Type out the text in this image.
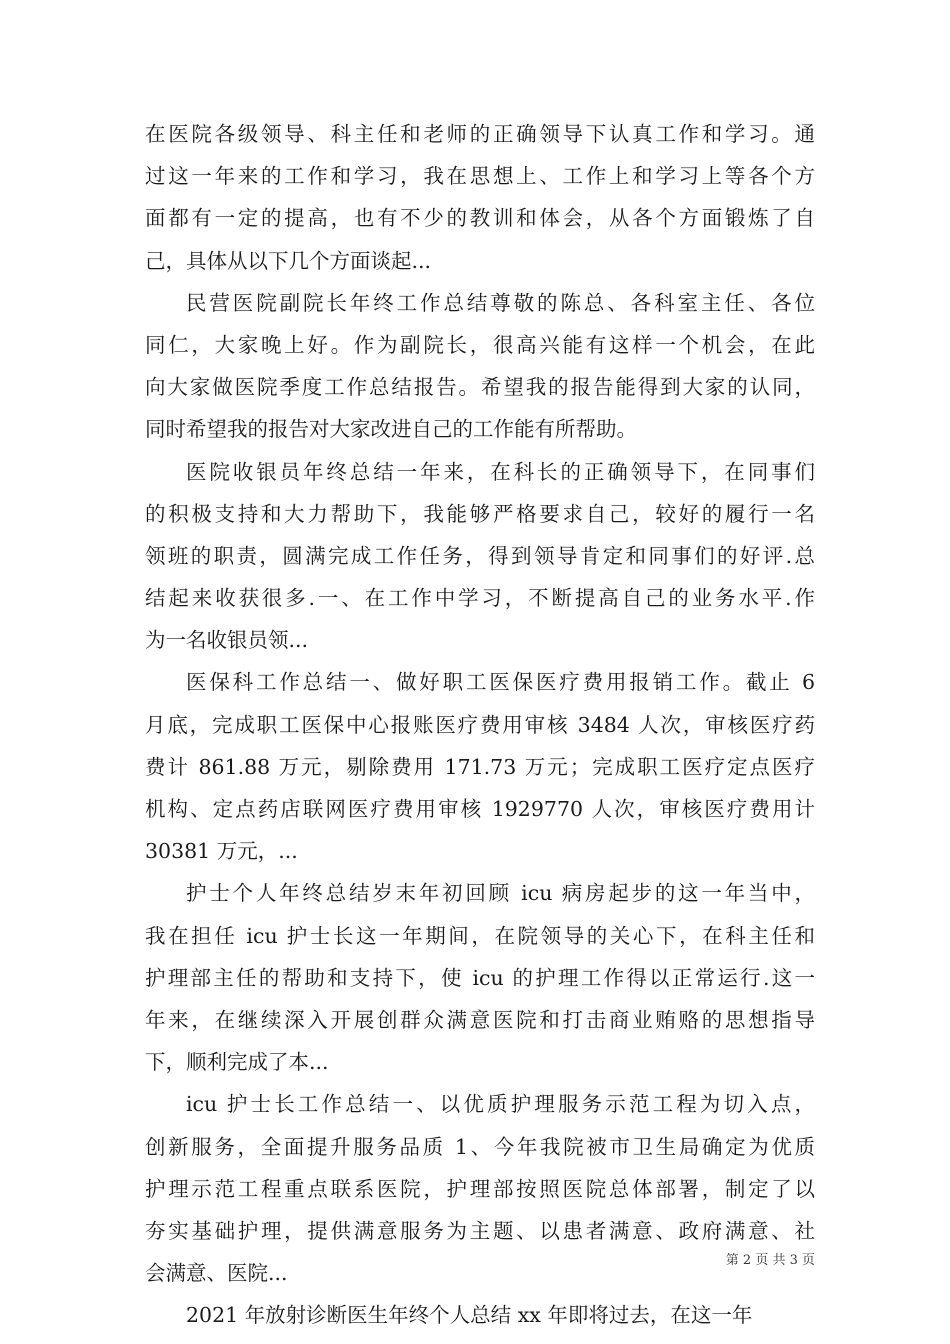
在医院各级领导、科主任和老师的正确领导下认真工作和学习。通
过这一年来的工作和学习，我在思想上、工作上和学习上等各个方
面都有一定的提高，也有不少的教训和体会，从各个方面锻炼了自
己，具体从以下几个方面谈起...
民营医院副院长年终工作总结尊敬的陈总、各科室主任、各位
同仁，大家晚上好。作为副院长，很高兴能有这样一个机会，在此
向大家做医院季度工作总结报告。希望我的报告能得到大家的认同，
同时希望我的报告对大家改进自己的工作能有所帮助。
医院收银员年终总结一年来，在科长的正确领导下，在同事们
的积极支持和大力帮助下，我能够严格要求自己，较好的履行一名
领班的职责，圆满完成工作任务，得到领导肯定和同事们的好评.总
结起来收获很多.一、在工作中学习，不断提高自己的业务水平.作
为一名收银员领...
医保科工作总结一、做好职工医保医疗费用报销工作。截止 6
月底，完成职工医保中心报账医疗费用审核 3484 人次，审核医疗药
费计 861.88 万元，剔除费用 171.73 万元；完成职工医疗定点医疗
机构、定点药店联网医疗费用审核 1929770 人次，审核医疗费用计
30381 万元，...
护士个人年终总结岁末年初回顾 icu 病房起步的这一年当中，
我在担任 icu 护士长这一年期间，在院领导的关心下，在科主任和
护理部主任的帮助和支持下，使 icu 的护理工作得以正常运行.这一
年来，在继续深入开展创群众满意医院和打击商业贿赂的思想指导
下，顺利完成了本...
icu 护士长工作总结一、以优质护理服务示范工程为切入点，
创新服务，全面提升服务品质 1、今年我院被市卫生局确定为优质
护理示范工程重点联系医院，护理部按照医院总体部署，制定了以
夯实基础护理，提供满意服务为主题、以患者满意、政府满意、社
会满意、医院...
2021 年放射诊断医生年终个人总结 xx 年即将过去，在这一年
第 2 页 共 3 页
